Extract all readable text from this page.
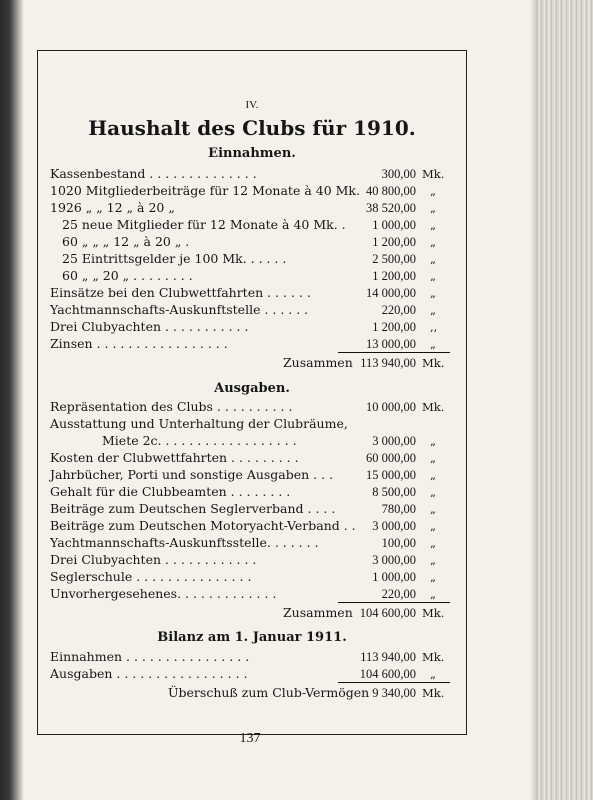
IV.
Haushalt des Clubs für 1910.
Einnahmen.
Kassenbestand . . . . . . . . . . . . . .	300,00 Mk.
1020 Mitgliederbeiträge für 12 Monate à 40 Mk. 40 800,00 „
1926 „ „ 12 „ à 20 „	38 520,00 „
25 neue Mitglieder für 12 Monate à 40 Mk. .	1 000,00 „
60 „ „ „ 12 „ à 20 „ .	1 200,00 „
25 Eintrittsgelder je 100 Mk. . . . . .	2 500,00 „
60 „ „ 20 „ . . . . . . . .	1 200,00 „
Einsätze bei den Clubwettfahrten . . . . . .	14 000,00 „
Yachtmannschafts-Auskunftstelle . . . . . .	220,00 „
Drei Clubyachten . . . . . . . . . . .	1 200,00 ,,
Zinsen . . . . . . . . . . . . . . . . .	13 000,00 „
Zusammen 113 940,00 Mk.
Ausgaben.
Repräsentation des Clubs . . . . . . . . . .	10 000,00 Mk.
Ausstattung und Unterhaltung der Clubräume,
Miete 2c. . . . . . . . . . . . . . . . . .	3 000,00 „
Kosten der Clubwettfahrten . . . . . . . . .	60 000,00 „
Jahrbücher, Porti und sonstige Ausgaben . . .	15 000,00 „
Gehalt für die Clubbeamten . . . . . . . .	8 500,00 „
Beiträge zum Deutschen Seglerverband . . . .	780,00 „
Beiträge zum Deutschen Motoryacht-Verband . .	3 000,00 „
Yachtmannschafts-Auskunftsstelle. . . . . . .	100,00 „
Drei Clubyachten . . . . . . . . . . . .	3 000,00 „
Seglerschule . . . . . . . . . . . . . . .	1 000,00 „
Unvorhergesehenes. . . . . . . . . . . . .	220,00 „
Zusammen 104 600,00 Mk.
Bilanz am 1. Januar 1911.
Einnahmen . . . . . . . . . . . . . . . .	113 940,00 Mk.
Ausgaben . . . . . . . . . . . . . . . . .	104 600,00 „
Überschuß zum Club-Vermögen 9 340,00 Mk.
137
